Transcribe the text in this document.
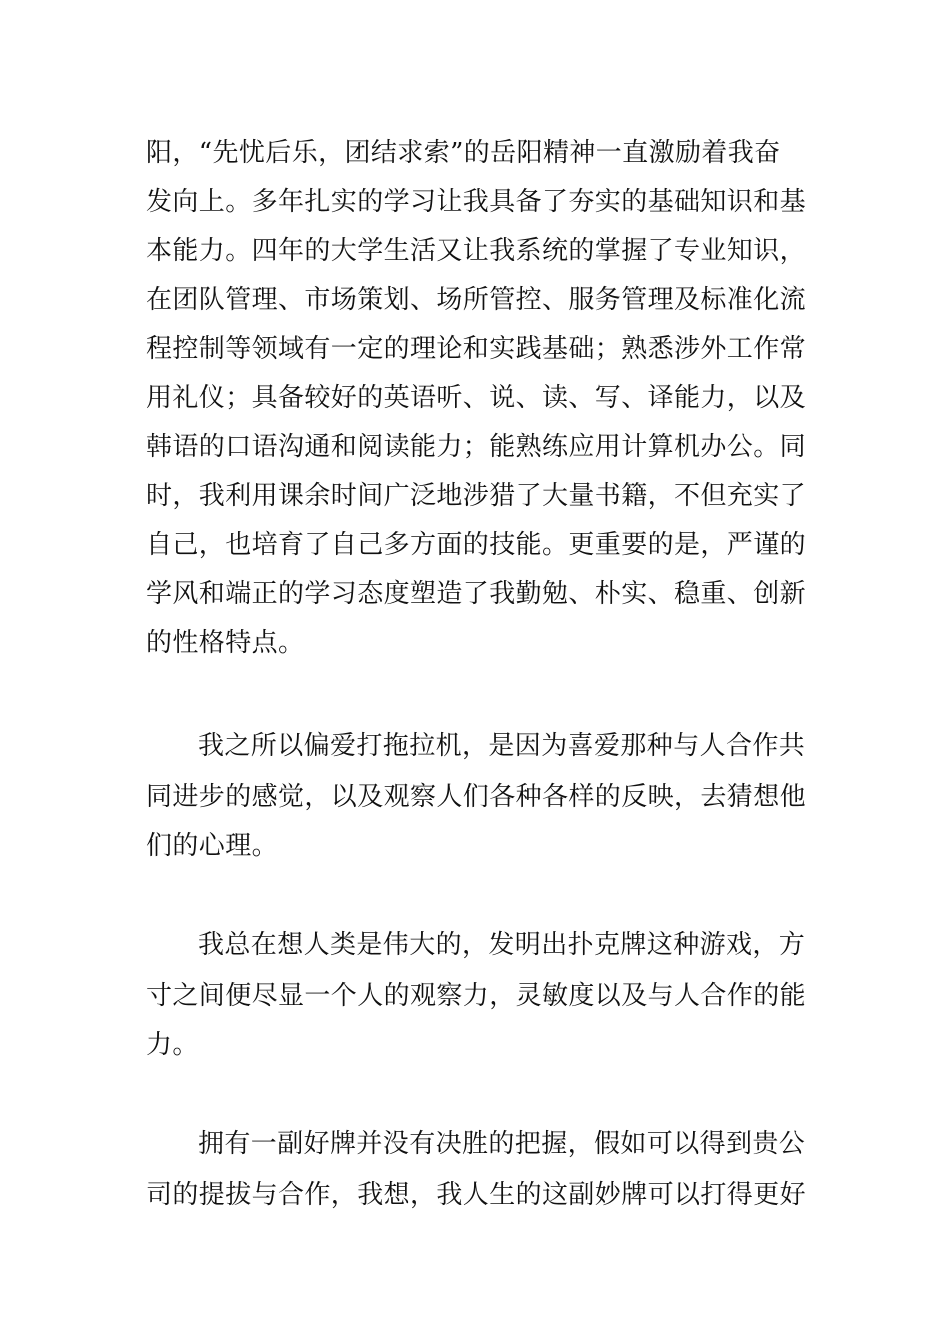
阳，“先忧后乐，团结求索”的岳阳精神一直激励着我奋
发向上。多年扎实的学习让我具备了夯实的基础知识和基
本能力。四年的大学生活又让我系统的掌握了专业知识，
在团队管理、市场策划、场所管控、服务管理及标准化流
程控制等领域有一定的理论和实践基础；熟悉涉外工作常
用礼仪；具备较好的英语听、说、读、写、译能力，以及
韩语的口语沟通和阅读能力；能熟练应用计算机办公。同
时，我利用课余时间广泛地涉猎了大量书籍，不但充实了
自己，也培育了自己多方面的技能。更重要的是，严谨的
学风和端正的学习态度塑造了我勤勉、朴实、稳重、创新
的性格特点。
我之所以偏爱打拖拉机，是因为喜爱那种与人合作共
同进步的感觉，以及观察人们各种各样的反映，去猜想他
们的心理。
我总在想人类是伟大的，发明出扑克牌这种游戏，方
寸之间便尽显一个人的观察力，灵敏度以及与人合作的能
力。
拥有一副好牌并没有决胜的把握，假如可以得到贵公
司的提拔与合作，我想，我人生的这副妙牌可以打得更好
